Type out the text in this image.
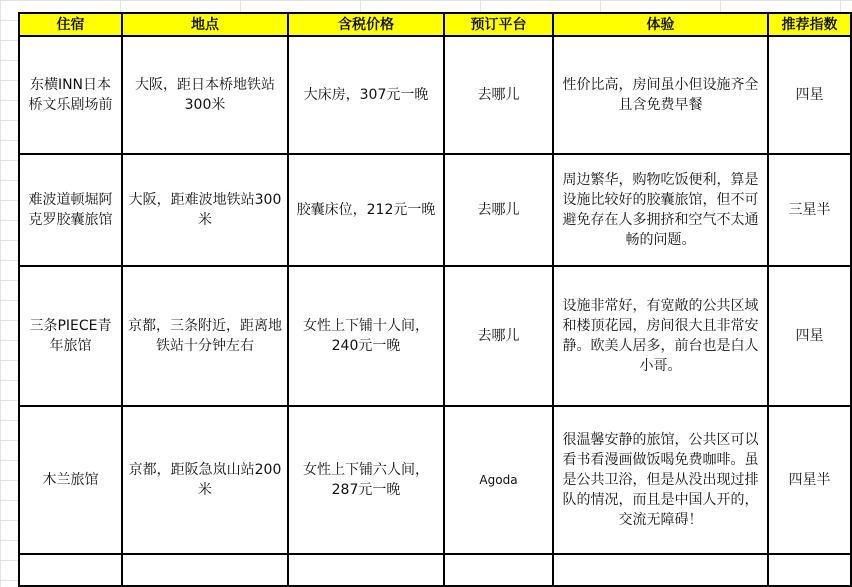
住宿	地点	含税价格	预订平台	体验	推荐指数
东横INN日本桥文乐剧场前	大阪，距日本桥地铁站300米	大床房，307元一晚	去哪儿	性价比高，房间虽小但设施齐全且含免费早餐	四星
难波道顿堀阿克罗胶囊旅馆	大阪，距难波地铁站300米	胶囊床位，212元一晚	去哪儿	周边繁华，购物吃饭便利，算是设施比较好的胶囊旅馆，但不可避免存在人多拥挤和空气不太通畅的问题。	三星半
三条PIECE青年旅馆	京都，三条附近，距离地铁站十分钟左右	女性上下铺十人间，240元一晚	去哪儿	设施非常好，有宽敞的公共区域和楼顶花园，房间很大且非常安静。欧美人居多，前台也是白人小哥。	四星
木兰旅馆	京都，距阪急岚山站200米	女性上下铺六人间，287元一晚	Agoda	很温馨安静的旅馆，公共区可以看书看漫画做饭喝免费咖啡。虽是公共卫浴，但是从没出现过排队的情况，而且是中国人开的，交流无障碍！	四星半
